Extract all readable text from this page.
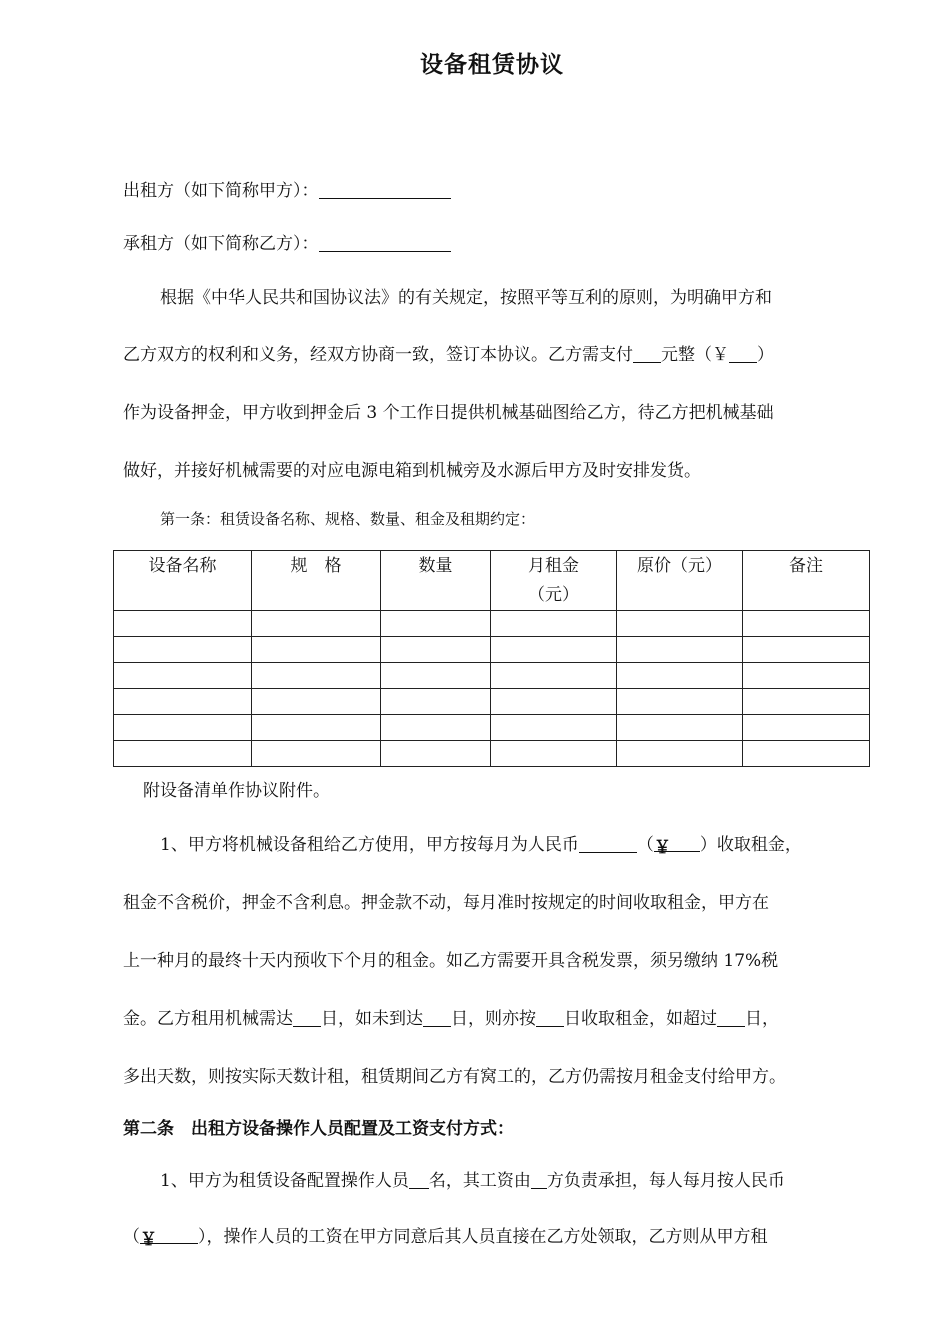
设备租赁协议
出租方（如下简称甲方）：
承租方（如下简称乙方）：
根据《中华人民共和国协议法》的有关规定，按照平等互利的原则，为明确甲方和
乙方双方的权利和义务，经双方协商一致，签订本协议。乙方需支付 元整（￥ ）
作为设备押金，甲方收到押金后 3 个工作日提供机械基础图给乙方，待乙方把机械基础
做好，并接好机械需要的对应电源电箱到机械旁及水源后甲方及时安排发货。
第一条：租赁设备名称、规格、数量、租金及租期约定：
设备名称	规　格	数量	月租金（元）	原价（元）	备注

附设备清单作协议附件。
1、甲方将机械设备租给乙方使用，甲方按每月为人民币	（￥ ）收取租金，
租金不含税价，押金不含利息。押金款不动，每月准时按规定的时间收取租金，甲方在
上一种月的最终十天内预收下个月的租金。如乙方需要开具含税发票，须另缴纳 17%税
金。乙方租用机械需达 日，如未到达 日，则亦按 日收取租金，如超过 日，
多出天数，则按实际天数计租，租赁期间乙方有窝工的，乙方仍需按月租金支付给甲方。
第二条　出租方设备操作人员配置及工资支付方式：
1、甲方为租赁设备配置操作人员 名，其工资由 方负责承担，每人每月按人民币
（￥ ），操作人员的工资在甲方同意后其人员直接在乙方处领取，乙方则从甲方租
